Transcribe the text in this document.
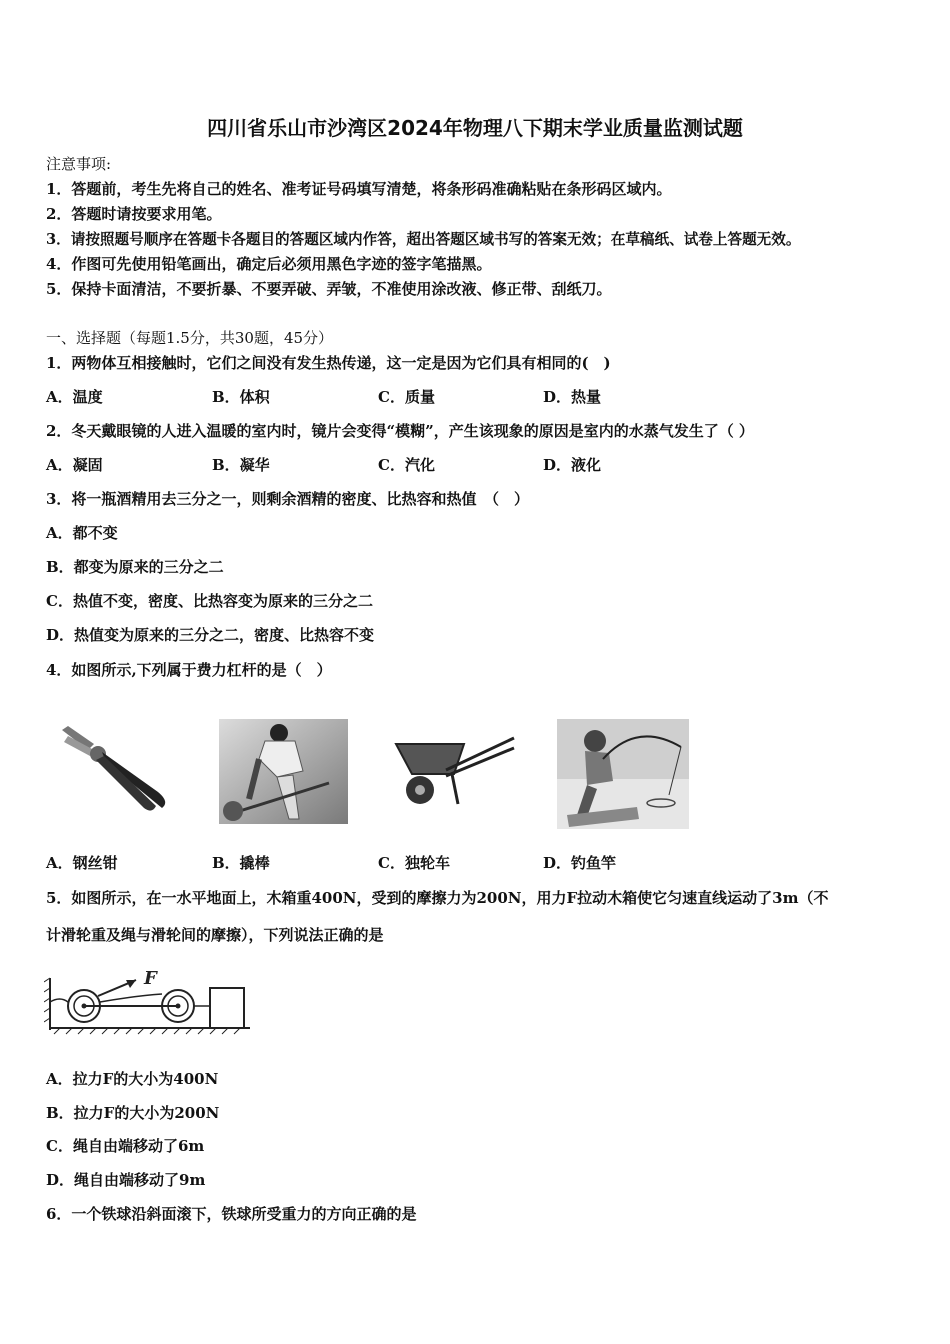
四川省乐山市沙湾区2024年物理八下期末学业质量监测试题
注意事项:
1．答题前，考生先将自己的姓名、准考证号码填写清楚，将条形码准确粘贴在条形码区域内。
2．答题时请按要求用笔。
3．请按照题号顺序在答题卡各题目的答题区域内作答，超出答题区域书写的答案无效；在草稿纸、试卷上答题无效。
4．作图可先使用铅笔画出，确定后必须用黑色字迹的签字笔描黑。
5．保持卡面清洁，不要折暴、不要弄破、弄皱，不准使用涂改液、修正带、刮纸刀。
一、选择题（每题1.5分，共30题，45分）
1．两物体互相接触时，它们之间没有发生热传递，这一定是因为它们具有相同的(　)
A．温度	B．体积	C．质量	D．热量
2．冬天戴眼镜的人进入温暖的室内时，镜片会变得“模糊”，产生该现象的原因是室内的水蒸气发生了（ ）
A．凝固	B．凝华	C．汽化	D．液化
3．将一瓶酒精用去三分之一，则剩余酒精的密度、比热容和热值　（　）
A．都不变
B．都变为原来的三分之二
C．热值不变，密度、比热容变为原来的三分之二
D．热值变为原来的三分之二，密度、比热容不变
4．如图所示,下列属于费力杠杆的是（　）
A．钢丝钳	B．撬棒	C．独轮车	D．钓鱼竿
5．如图所示，在一水平地面上，木箱重400N，受到的摩擦力为200N，用力F拉动木箱使它匀速直线运动了3m（不
计滑轮重及绳与滑轮间的摩擦），下列说法正确的是
F
A．拉力F的大小为400N
B．拉力F的大小为200N
C．绳自由端移动了6m
D．绳自由端移动了9m
6．一个铁球沿斜面滚下，铁球所受重力的方向正确的是
